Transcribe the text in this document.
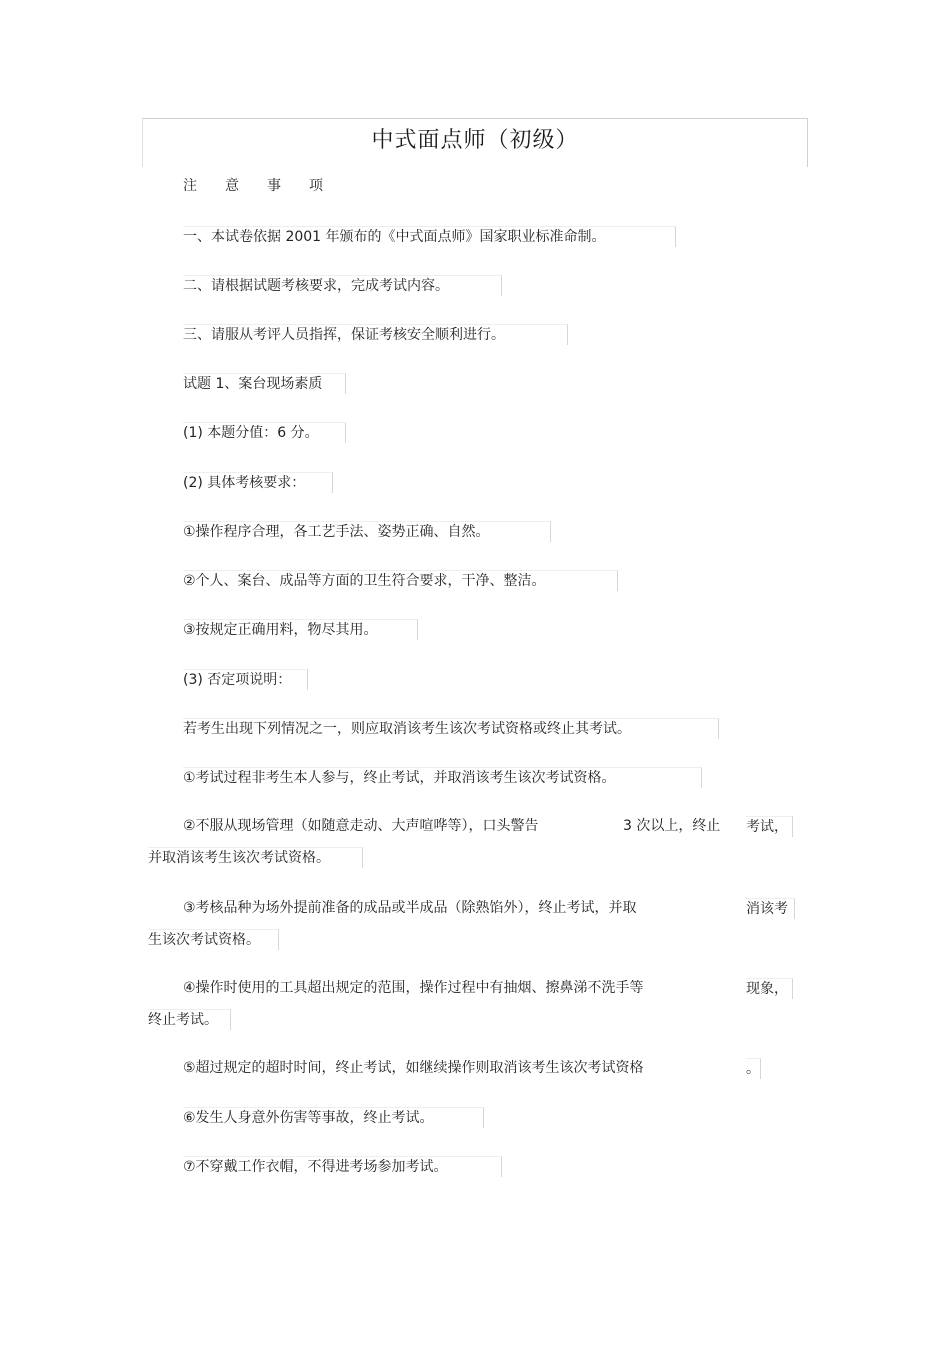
中式面点师（初级）
注意事项
一、本试卷依据 2001 年颁布的《中式面点师》国家职业标准命制。
二、请根据试题考核要求，完成考试内容。
三、请服从考评人员指挥，保证考核安全顺利进行。
试题 1、案台现场素质
(1) 本题分值：6 分。
(2) 具体考核要求：
①操作程序合理，各工艺手法、姿势正确、自然。
②个人、案台、成品等方面的卫生符合要求，干净、整洁。
③按规定正确用料，物尽其用。
(3) 否定项说明：
若考生出现下列情况之一，则应取消该考生该次考试资格或终止其考试。
①考试过程非考生本人参与，终止考试，并取消该考生该次考试资格。
②不服从现场管理（如随意走动、大声喧哗等），口头警告	3 次以上，终止 考试，
并取消该考生该次考试资格。
③考核品种为场外提前准备的成品或半成品（除熟馅外），终止考试，并取	消该考
生该次考试资格。
④操作时使用的工具超出规定的范围，操作过程中有抽烟、擦鼻涕不洗手等	现象，
终止考试。
⑤超过规定的超时时间，终止考试，如继续操作则取消该考生该次考试资格	。
⑥发生人身意外伤害等事故，终止考试。
⑦不穿戴工作衣帽，不得进考场参加考试。
